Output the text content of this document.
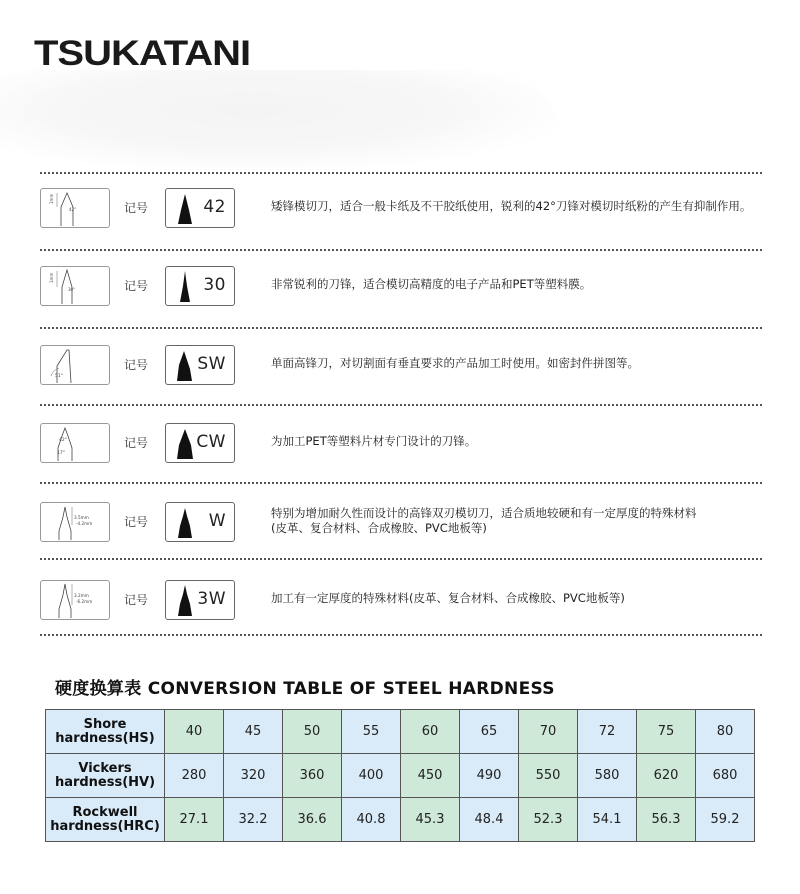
TSUKATANI
1mm
42°	记号	42	矮锋模切刀，适合一般卡纸及不干胶纸使用，锐利的42°刀锋对模切时纸粉的产生有抑制作用。
1mm
30°	记号	30	非常锐利的刀锋，适合模切高精度的电子产品和PET等塑料膜。
51°
记号	SW	单面高锋刀，对切割面有垂直要求的产品加工时使用。如密封件拼图等。
42°
17°
记号	CW	为加工PET等塑料片材专门设计的刀锋。
3.5mm
-4.2mm	记号	W	特别为增加耐久性而设计的高锋双刃模切刀，适合质地较硬和有一定厚度的特殊材料
(皮革、复合材料、合成橡胶、PVC地板等)
3.2mm
-6.2mm	记号	3W	加工有一定厚度的特殊材料(皮革、复合材料、合成橡胶、PVC地板等)
硬度换算表 CONVERSION TABLE OF STEEL HARDNESS
Shore
hardness(HS)	40	45	50	55	60	65	70	72	75	80

Vickers
hardness(HV)	280	320	360	400	450	490	550	580	620	680

Rockwell
hardness(HRC)	27.1	32.2	36.6	40.8	45.3	48.4	52.3	54.1	56.3	59.2
